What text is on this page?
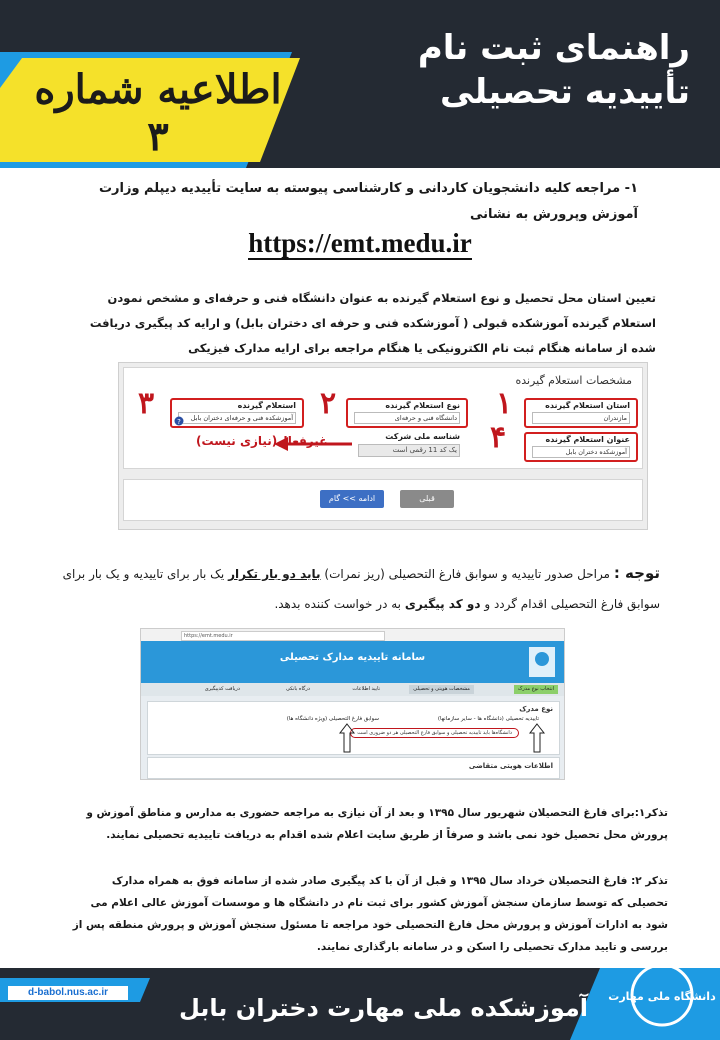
راهنمای ثبت نام
تأییدیه تحصیلی
اطلاعیه شماره ۳
۱- مراجعه کلیه دانشجویان کاردانی و کارشناسی پیوسته به سایت تأییدیه دیپلم وزارت آموزش وپرورش به نشانی
https://emt.medu.ir
تعیین استان محل تحصیل و نوع استعلام گیرنده به عنوان دانشگاه فنی و حرفه‌ای و مشخص نمودن استعلام گیرنده آموزشکده قبولی ( آموزشکده فنی و حرفه ای دختران بابل) و ارایه کد پیگیری دریافت شده از سامانه هنگام ثبت نام الکترونیکی یا هنگام مراجعه برای ارایه مدارک فیزیکی
مشخصات استعلام گیرنده
استان استعلام گیرنده
مازندران
۱
نوع استعلام گیرنده
دانشگاه فنی و حرفه‌ای
۲
استعلام گیرنده
آموزشکده فنی و حرفه‌ای دختران بابل
۳
?
عنوان استعلام گیرنده
آموزشکده دختران بابل
۴
شناسه ملی شرکت
یک کد 11 رقمی است
ادامه >> گام بعدی
قبلی
غیرفعال(نیازی نیست)
توجه : مراحل صدور تاییدیه و سوابق فارغ التحصیلی (ریز نمرات) باید دو بار تکرار یک بار برای تاییدیه و یک بار برای سوابق فارغ التحصیلی اقدام گردد و دو کد پیگیری به در خواست کننده بدهد.
https://emt.medu.ir
سامانه تاییدیه مدارک تحصیلی
انتخاب نوع مدرک
مشخصات هویتی و تحصیلی
تایید اطلاعات
درگاه بانکی
دریافت کدپیگیری
نوع مدرک
تاییدیه تحصیلی (دانشگاه ها - سایر سازمانها)
سوابق فارغ التحصیلی (ویژه دانشگاه ها)
دانشگاه‌ها باید تاییدیه تحصیلی و سوابق فارغ التحصیلی هر دو ضروری است
اطلاعات هویتی متقاضی
تذکر۱:برای فارغ التحصیلان شهریور سال ۱۳۹۵ و بعد از آن نیازی به مراجعه حضوری به مدارس و مناطق آموزش و پرورش محل تحصیل خود نمی باشد و صرفاً از طریق سایت اعلام شده اقدام به دریافت تاییدیه تحصیلی نمایند.
تذکر ۲: فارغ التحصیلان خرداد سال ۱۳۹۵ و قبل از آن با کد پیگیری صادر شده از سامانه فوق به همراه مدارک تحصیلی که توسط سازمان سنجش آموزش کشور برای ثبت نام در دانشگاه ها و موسسات آموزش عالی اعلام می شود به ادارات آموزش و پرورش محل فارغ التحصیلی خود مراجعه تا مسئول سنجش آموزش و پرورش منطقه پس از بررسی و تایید مدارک تحصیلی را اسکن و در سامانه بارگذاری نمایند.
آموزشکده ملی مهارت دختران بابل
d-babol.nus.ac.ir	دانشگاه ملی مهارت
